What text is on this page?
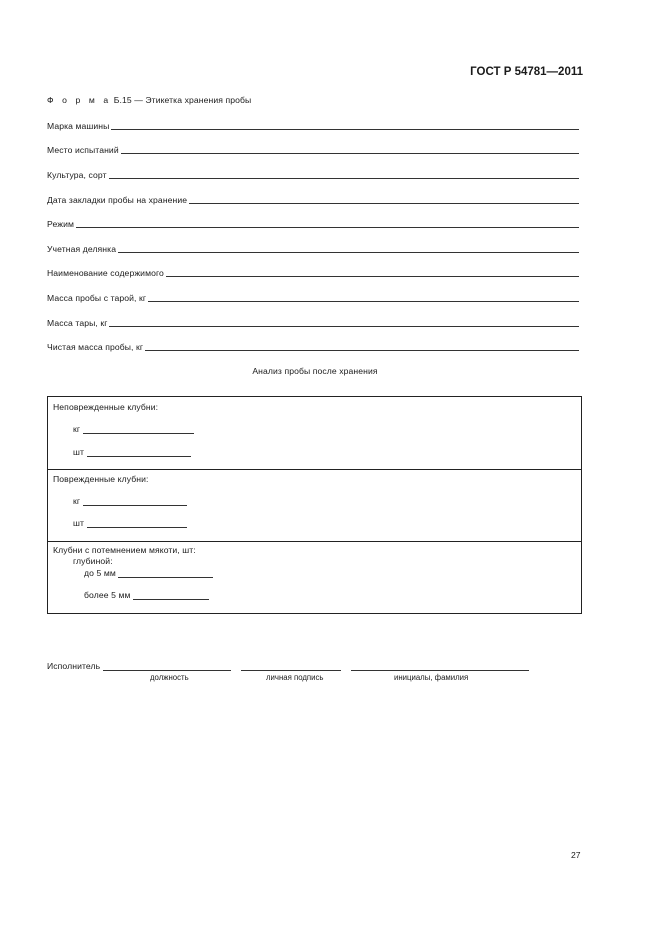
ГОСТ Р 54781—2011
Ф о р м а Б.15 — Этикетка хранения пробы
Марка машины
Место испытаний
Культура, сорт
Дата закладки пробы на хранение
Режим
Учетная делянка
Наименование содержимого
Масса пробы с тарой, кг
Масса тары, кг
Чистая масса пробы, кг
Анализ пробы после хранения
Неповрежденные клубни:
кг
шт
Поврежденные клубни:
кг
шт
Клубни с потемнением мякоти, шт:
глубиной:
до 5 мм
более 5 мм
Исполнитель
должность	личная подпись	инициалы, фамилия
27
